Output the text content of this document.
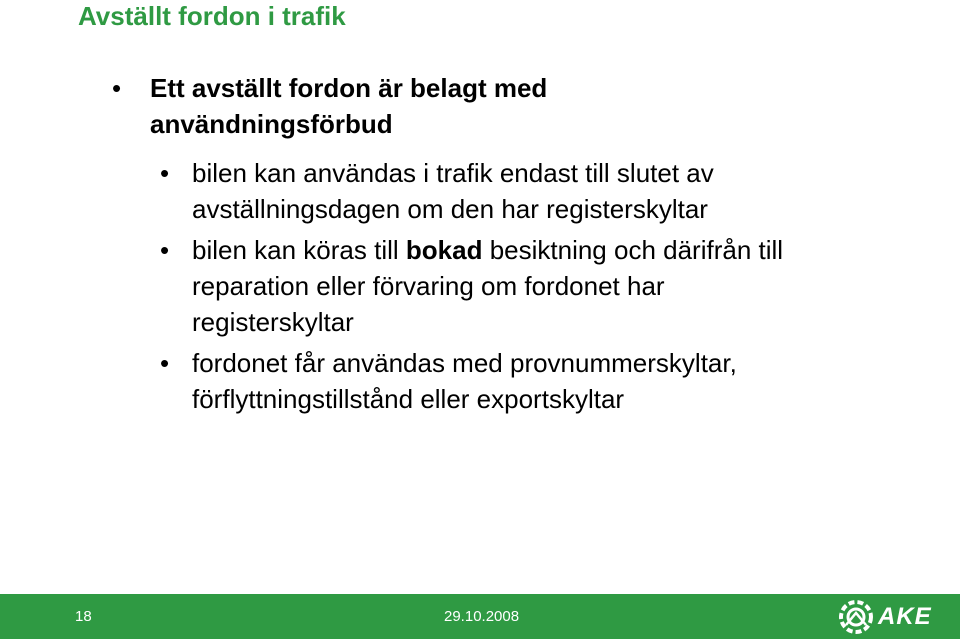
Avställt fordon i trafik
• Ett avställt fordon är belagt med
användningsförbud
• bilen kan användas i trafik endast till slutet av
avställningsdagen om den har registerskyltar
• bilen kan köras till bokad besiktning och därifrån till
reparation eller förvaring om fordonet har
registerskyltar
• fordonet får användas med provnummerskyltar,
förflyttningstillstånd eller exportskyltar
18	29.10.2008	AKE
